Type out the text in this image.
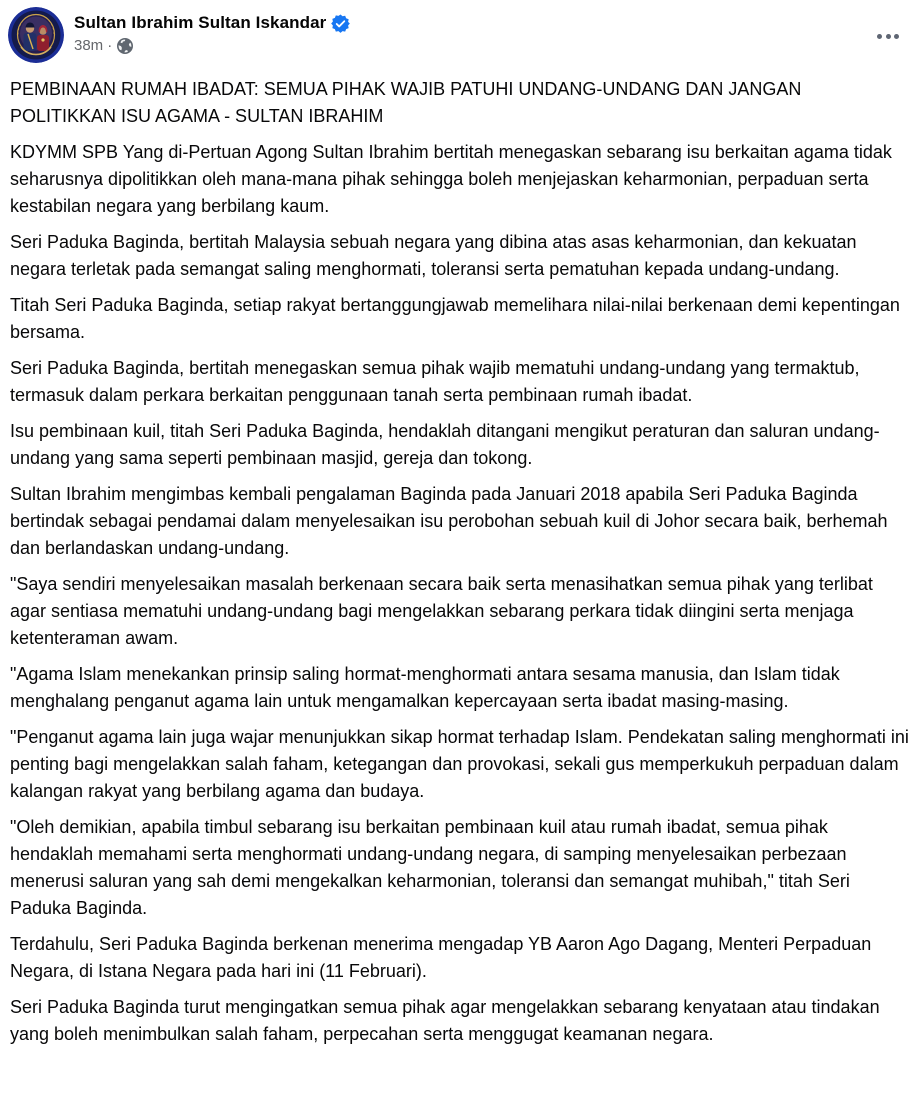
Sultan Ibrahim Sultan Iskandar
38m ·

PEMBINAAN RUMAH IBADAT: SEMUA PIHAK WAJIB PATUHI UNDANG-UNDANG DAN JANGAN POLITIKKAN ISU AGAMA - SULTAN IBRAHIM

KDYMM SPB Yang di-Pertuan Agong Sultan Ibrahim bertitah menegaskan sebarang isu berkaitan agama tidak seharusnya dipolitikkan oleh mana-mana pihak sehingga boleh menjejaskan keharmonian, perpaduan serta kestabilan negara yang berbilang kaum.

Seri Paduka Baginda, bertitah Malaysia sebuah negara yang dibina atas asas keharmonian, dan kekuatan negara terletak pada semangat saling menghormati, toleransi serta pematuhan kepada undang-undang.

Titah Seri Paduka Baginda, setiap rakyat bertanggungjawab memelihara nilai-nilai berkenaan demi kepentingan bersama.

Seri Paduka Baginda, bertitah menegaskan semua pihak wajib mematuhi undang-undang yang termaktub, termasuk dalam perkara berkaitan penggunaan tanah serta pembinaan rumah ibadat.

Isu pembinaan kuil, titah Seri Paduka Baginda, hendaklah ditangani mengikut peraturan dan saluran undang-undang yang sama seperti pembinaan masjid, gereja dan tokong.

Sultan Ibrahim mengimbas kembali pengalaman Baginda pada Januari 2018 apabila Seri Paduka Baginda bertindak sebagai pendamai dalam menyelesaikan isu perobohan sebuah kuil di Johor secara baik, berhemah dan berlandaskan undang-undang.

"Saya sendiri menyelesaikan masalah berkenaan secara baik serta menasihatkan semua pihak yang terlibat agar sentiasa mematuhi undang-undang bagi mengelakkan sebarang perkara tidak diingini serta menjaga ketenteraman awam.

"Agama Islam menekankan prinsip saling hormat-menghormati antara sesama manusia, dan Islam tidak menghalang penganut agama lain untuk mengamalkan kepercayaan serta ibadat masing-masing.

"Penganut agama lain juga wajar menunjukkan sikap hormat terhadap Islam. Pendekatan saling menghormati ini penting bagi mengelakkan salah faham, ketegangan dan provokasi, sekali gus memperkukuh perpaduan dalam kalangan rakyat yang berbilang agama dan budaya.

"Oleh demikian, apabila timbul sebarang isu berkaitan pembinaan kuil atau rumah ibadat, semua pihak hendaklah memahami serta menghormati undang-undang negara, di samping menyelesaikan perbezaan menerusi saluran yang sah demi mengekalkan keharmonian, toleransi dan semangat muhibah," titah Seri Paduka Baginda.

Terdahulu, Seri Paduka Baginda berkenan menerima mengadap YB Aaron Ago Dagang, Menteri Perpaduan Negara, di Istana Negara pada hari ini (11 Februari).

Seri Paduka Baginda turut mengingatkan semua pihak agar mengelakkan sebarang kenyataan atau tindakan yang boleh menimbulkan salah faham, perpecahan serta menggugat keamanan negara.
